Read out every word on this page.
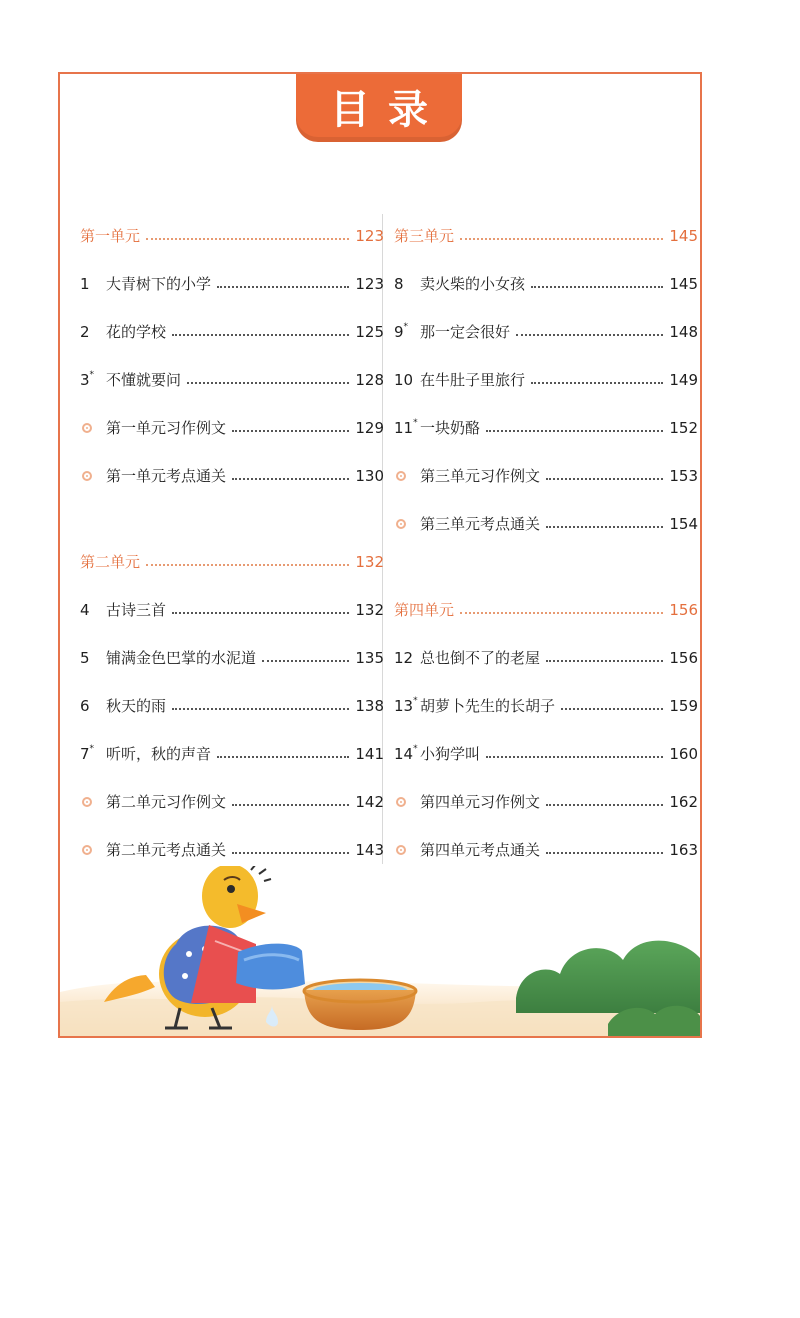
目录
第一单元	123
1	大青树下的小学	123
2	花的学校	125
3* 不懂就要问	128
第一单元习作例文	129
第一单元考点通关	130
第二单元	132
4	古诗三首	132
5	铺满金色巴掌的水泥道	135
6	秋天的雨	138
7* 听听，秋的声音	141
第二单元习作例文	142
第二单元考点通关	143
第三单元	145
8	卖火柴的小女孩	145
9* 那一定会很好	148
10 在牛肚子里旅行	149
11* 一块奶酪	152
第三单元习作例文	153
第三单元考点通关	154
第四单元	156
12 总也倒不了的老屋	156
13* 胡萝卜先生的长胡子	159
14* 小狗学叫	160
第四单元习作例文	162
第四单元考点通关	163
